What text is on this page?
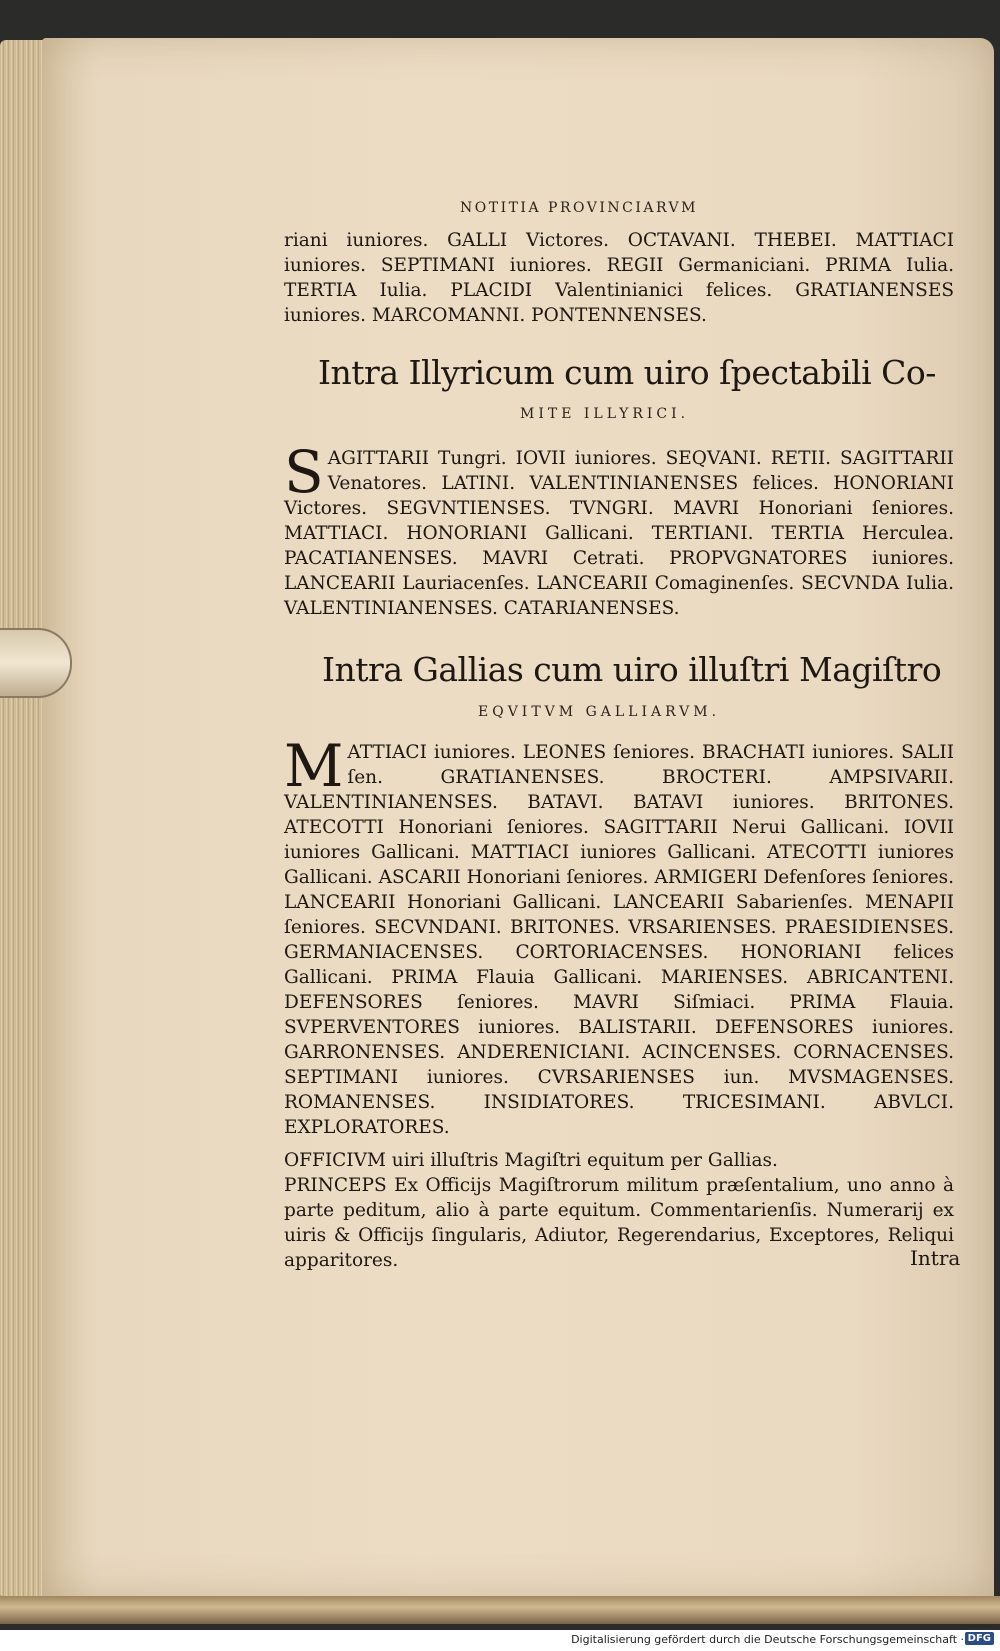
NOTITIA PROVINCIARVM

riani iuniores. GALLI Victores. OCTAVANI. THEBEI. MATTIACI iuniores. SEPTIMANI iuniores. REGII Germaniciani. PRIMA Iulia. TERTIA Iulia. PLACIDI Valentinianici felices. GRATIANENSES iuniores. MARCOMANNI. PONTENNENSES.

Intra Illyricum cum uiro ſpectabili Co-
MITE ILLYRICI.
S AGITTARII Tungri. IOVII iuniores. SEQVANI. RETII. SAGITTARII Venatores. LATINI. VALENTINIANENSES felices. HONORIANI Victores. SEGVNTIENSES. TVNGRI. MAVRI Honoriani ſeniores. MATTIACI. HONORIANI Gallicani. TERTIANI. TERTIA Herculea. PACATIANENSES. MAVRI Cetrati. PROPVGNATORES iuniores. LANCEARII Lauriacenſes. LANCEARII Comaginenſes. SECVNDA Iulia. VALENTINIANENSES. CATARIANENSES.

Intra Gallias cum uiro illuſtri Magiſtro
EQVITVM GALLIARVM.
M ATTIACI iuniores. LEONES ſeniores. BRACHATI iuniores. SALII ſen. GRATIANENSES. BROCTERI. AMPSIVARII. VALENTINIANENSES. BATAVI. BATAVI iuniores. BRITONES. ATECOTTI Honoriani ſeniores. SAGITTARII Nerui Gallicani. IOVII iuniores Gallicani. MATTIACI iuniores Gallicani. ATECOTTI iuniores Gallicani. ASCARII Honoriani ſeniores. ARMIGERI Defenſores ſeniores. LANCEARII Honoriani Gallicani. LANCEARII Sabarienſes. MENAPII ſeniores. SECVNDANI. BRITONES. VRSARIENSES. PRAESIDIENSES. GERMANIACENSES. CORTORIACENSES. HONORIANI felices Gallicani. PRIMA Flauia Gallicani. MARIENSES. ABRICANTENI. DEFENSORES ſeniores. MAVRI Siſmiaci. PRIMA Flauia. SVPERVENTORES iuniores. BALISTARII. DEFENSORES iuniores. GARRONENSES. ANDERENICIANI. ACINCENSES. CORNACENSES. SEPTIMANI iuniores. CVRSARIENSES iun. MVSMAGENSES. ROMANENSES. INSIDIATORES. TRICESIMANI. ABVLCI. EXPLORATORES.

OFFICIVM uiri illuſtris Magiſtri equitum per Gallias.

PRINCEPS Ex Officijs Magiſtrorum militum præſentalium, uno anno à parte peditum, alio à parte equitum. Commentarienſis. Numerarij ex uiris & Officijs ſingularis, Adiutor, Regerendarius, Exceptores, Reliqui apparitores.	Intra
Digitalisierung gefördert durch die Deutsche Forschungsgemeinschaft · DFG
